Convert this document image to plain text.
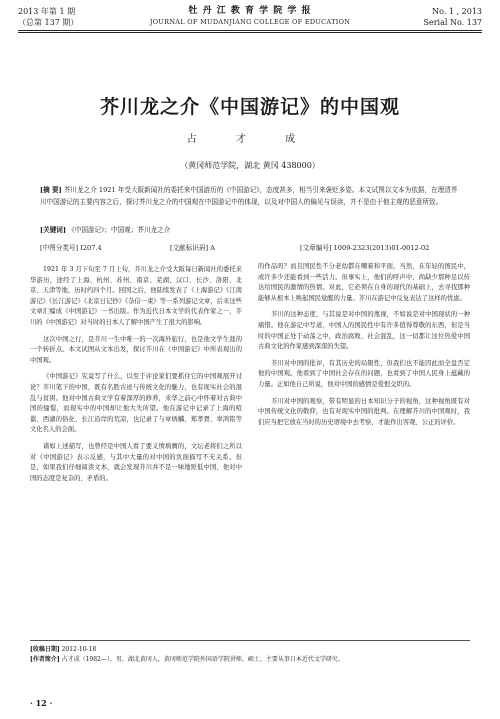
2013 年第 1 期
（总第 137 期）
牡 丹 江 教 育 学 院 学 报
JOURNAL OF MUDANJIANG COLLEGE OF EDUCATION
No. 1 , 2013
Serial No. 137
芥川龙之介《中国游记》的中国观
占 才 成
（黄冈师范学院，湖北 黄冈 438000）
[摘 要] 芥川龙之介 1921 年受大阪新闻社的委托来中国游历的《中国游记》，态度甚多，相当引来褒贬多姿。本文试图以文本为依据，在理清芥川中国游记的主要内容之后，探讨芥川龙之介的中国观在中国游记中的体现，以及对中国人的偏见与误读，并不是由于他主观的恶意所致。
[关键词] 《中国游记》；中国观；芥川龙之介
[中图分类号] I207.4	[文献标识码] A	[文章编号] 1009-2323(2013)01-0012-02

1921 年 3 月下旬至 7 月上旬，芥川龙之介受大阪每日新闻社的委托来华游历，途经了上海、杭州、苏州、南京、芜湖、汉口、长沙、洛阳、北京、天津等地，历时约四个月。回国之后，他陆续发表了《上海游记》《江南游记》《长江游记》《北京日记抄》《杂信一束》等一系列游记文章，后来这些文章汇编成《中国游记》一书出版。作为近代日本文学的代表作家之一，芥川的《中国游记》对当时的日本人了解中国产生了很大的影响。

这次中国之行，是芥川一生中唯一的一次海外旅行，也是他文学生涯的一个转折点。本文试图从文本出发，探讨芥川在《中国游记》中所表现出的中国观。

《中国游记》究竟写了什么，以至于评论家们要抓住它的中国观展开讨论？芥川笔下的中国，既有名胜古迹与传统文化的魅力，也有现实社会的混乱与贫困。他对中国古典文学有着深厚的修养，来华之前心中怀着对古典中国的憧憬，而现实中的中国却让他大失所望。他在游记中记录了上海的喧嚣、西湖的俗化、长江沿岸的荒凉，也记录了与章炳麟、郑孝胥、辜鸿铭等文化名人的会面。

诸如上述描写，也曾经是中国人看了要义愤填膺的，文坛老将们之所以对《中国游记》表示反感，与其中大量的对中国的负面描写不无关系。但是，如果我们仔细阅读文本，就会发现芥川并不是一味地贬低中国，他对中国的态度是复杂的、矛盾的。

的作品吗？而且国民性不分老幼都在嘲着和平面，当然，在年轻的国民中，或许多少还能看到一些活力。但事实上，他们的呼声中，尚缺少那种足以传达给国民的激情的热情。对此，它必须在自身的现代的基础上，去寻找那种能够从根本上唤起国民觉醒的力量。芥川在游记中反复表达了这样的忧虑。

芥川的这种态度，与其说是对中国的蔑视，不如说是对中国现状的一种痛惜。他在游记中写道，中国人的国民性中有许多值得尊敬的东西，但是当时的中国正处于动荡之中，政治腐败、社会混乱，这一切都让这位热爱中国古典文化的作家感到深深的失望。

芥川对中国的批评，有其历史的局限性，但我们也不能因此而全盘否定他的中国观。他看到了中国社会存在的问题，也看到了中国人民身上蕴藏的力量。正如他自己所说，他对中国的感情是爱恨交织的。

芥川对中国的观察，带有明显的日本知识分子的视角，这种视角既有对中国传统文化的敬仰，也有对现实中国的批判。在理解芥川的中国观时，我们应当把它放在当时的历史语境中去考察，才能作出客观、公正的评价。

[收稿日期] 2012-10-18
[作者简介] 占才成（1982—），男，湖北黄冈人，黄冈师范学院外国语学院讲师，硕士，主要从事日本近代文学研究。
· 12 ·
